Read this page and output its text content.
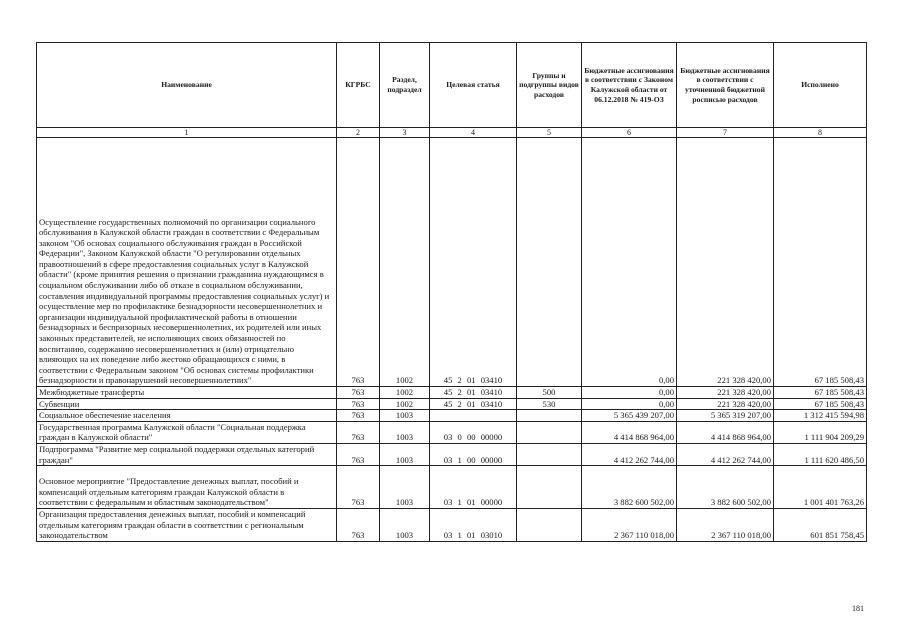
Наименование	КГРБС	Раздел, подраздел	Целевая статья	Группы и подгруппы видов расходов	Бюджетные ассигнования в соответствии с Законом Калужской области от 06.12.2018 № 419-ОЗ	Бюджетные ассигнования в соответствии с уточненной бюджетной росписью расходов	Исполнено
1	2	3	4	5	6	7	8
Осуществление государственных полномочий по организации социального обслуживания в Калужской области граждан в соответствии с Федеральным законом "Об основах социального обслуживания граждан в Российской Федерации", Законом Калужской области "О регулировании отдельных правоотношений в сфере предоставления социальных услуг в Калужской области" (кроме принятия решения о признании гражданина нуждающимся в социальном обслуживании либо об отказе в социальном обслуживании, составления индивидуальной программы предоставления социальных услуг) и осуществление мер по профилактике безнадзорности несовершеннолетних и организации индивидуальной профилактической работы в отношении безнадзорных и беспризорных несовершеннолетних, их родителей или иных законных представителей, не исполняющих своих обязанностей по воспитанию, содержанию несовершеннолетних и (или) отрицательно влияющих на их поведение либо жестоко обращающихся с ними, в соответствии с Федеральным законом "Об основах системы профилактики безнадзорности и правонарушений несовершеннолетних"	763	1002	45 2 01 03410		0,00	221 328 420,00	67 185 508,43
Межбюджетные трансферты	763	1002	45 2 01 03410	500	0,00	221 328 420,00	67 185 508,43
Субвенции	763	1002	45 2 01 03410	530	0,00	221 328 420,00	67 185 508,43
Социальное обеспечение населения	763	1003			5 365 439 207,00	5 365 319 207,00	1 312 415 594,98
Государственная программа Калужской области "Социальная поддержка граждан в Калужской области"	763	1003	03 0 00 00000		4 414 868 964,00	4 414 868 964,00	1 111 904 209,29
Подпрограмма "Развитие мер социальной поддержки отдельных категорий граждан"	763	1003	03 1 00 00000		4 412 262 744,00	4 412 262 744,00	1 111 620 486,50
Основное мероприятие "Предоставление денежных выплат, пособий и компенсаций отдельным категориям граждан Калужской области в соответствии с федеральным и областным законодательством"	763	1003	03 1 01 00000		3 882 600 502,00	3 882 600 502,00	1 001 401 763,26
Организация предоставления денежных выплат, пособий и компенсаций отдельным категориям граждан области в соответствии с региональным законодательством	763	1003	03 1 01 03010		2 367 110 018,00	2 367 110 018,00	601 851 758,45
181
